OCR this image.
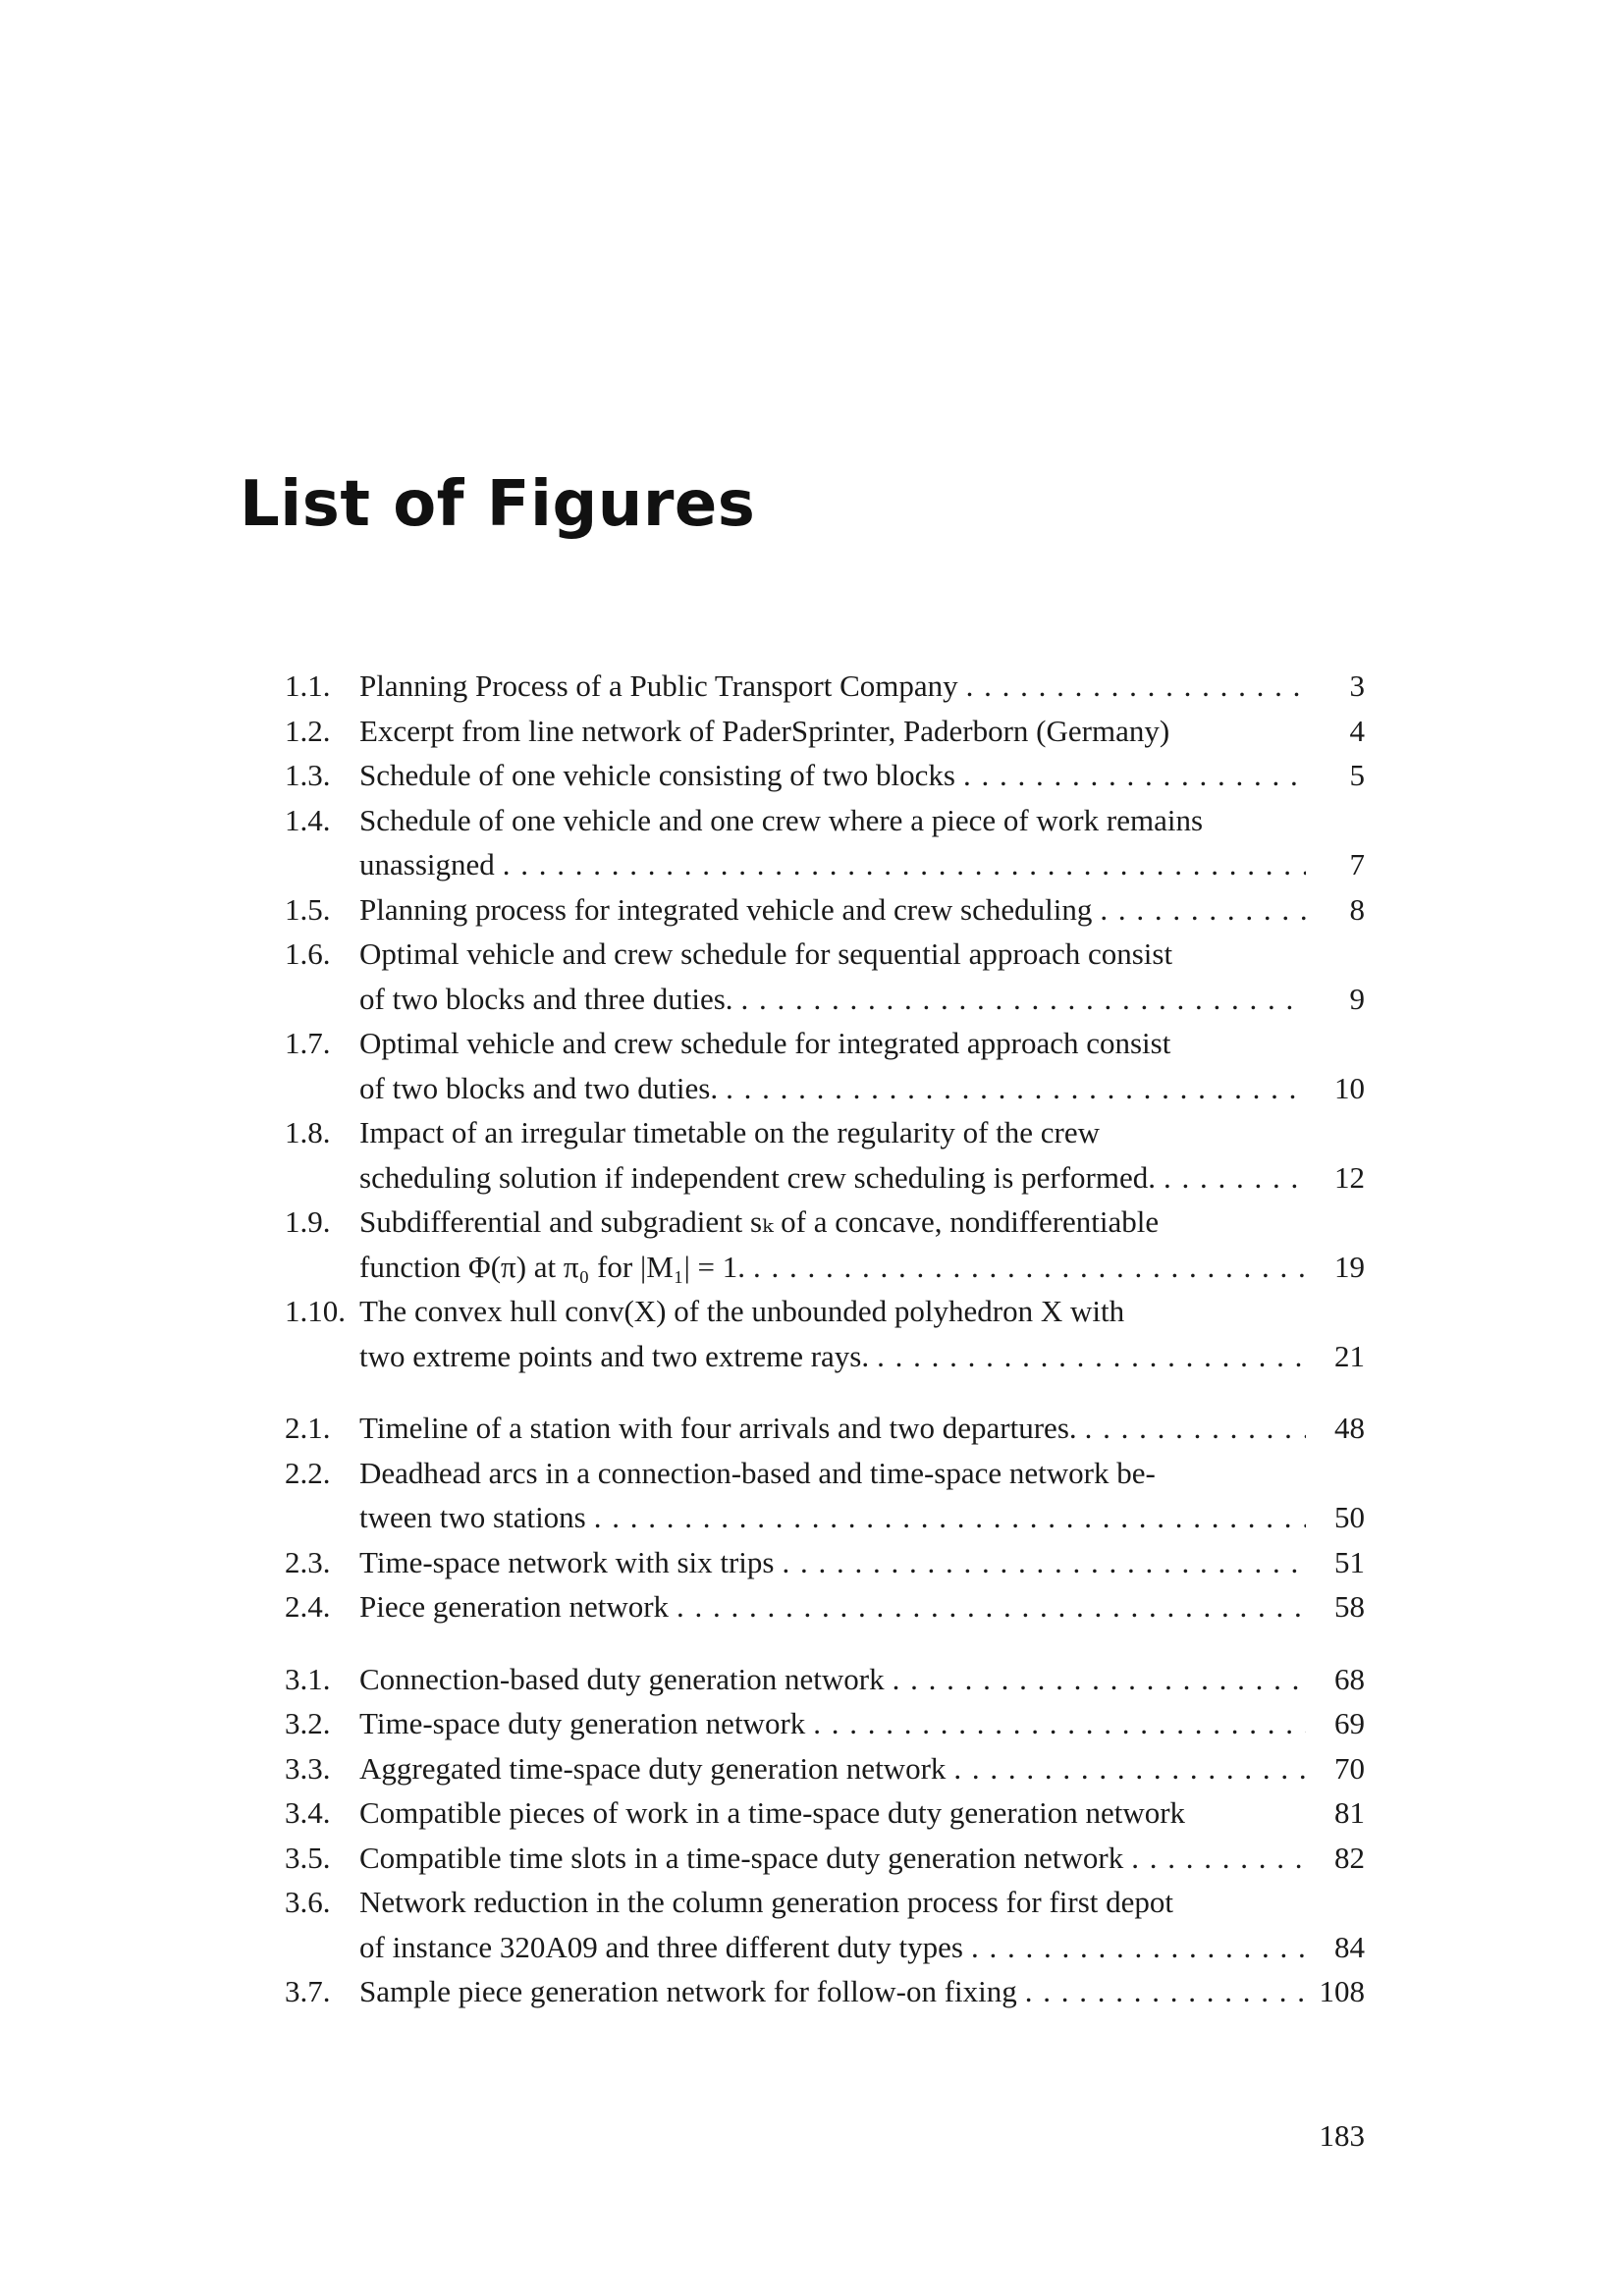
List of Figures
1.1. Planning Process of a Public Transport Company . . .	3
1.2. Excerpt from line network of PaderSprinter, Paderborn (Germany)	4
1.3. Schedule of one vehicle consisting of two blocks . . .	5
1.4. Schedule of one vehicle and one crew where a piece of work remains
unassigned . . .	7
1.5. Planning process for integrated vehicle and crew scheduling . . .	8
1.6. Optimal vehicle and crew schedule for sequential approach consist
of two blocks and three duties. . . .	9
1.7. Optimal vehicle and crew schedule for integrated approach consist
of two blocks and two duties. . . .	10
1.8. Impact of an irregular timetable on the regularity of the crew
scheduling solution if independent crew scheduling is performed. . . .	12
1.9. Subdifferential and subgradient sₖ of a concave, nondifferentiable
function Φ(π) at π₀ for |M₁| = 1. . . .	19
1.10. The convex hull conv(X) of the unbounded polyhedron X with
two extreme points and two extreme rays. . . .	21
2.1. Timeline of a station with four arrivals and two departures. . . .	48
2.2. Deadhead arcs in a connection-based and time-space network be-
tween two stations . . .	50
2.3. Time-space network with six trips . . .	51
2.4. Piece generation network . . .	58
3.1. Connection-based duty generation network . . .	68
3.2. Time-space duty generation network . . .	69
3.3. Aggregated time-space duty generation network . . .	70
3.4. Compatible pieces of work in a time-space duty generation network	81
3.5. Compatible time slots in a time-space duty generation network . . .	82
3.6. Network reduction in the column generation process for first depot
of instance 320A09 and three different duty types . . .	84
3.7. Sample piece generation network for follow-on fixing . . .	108
183
